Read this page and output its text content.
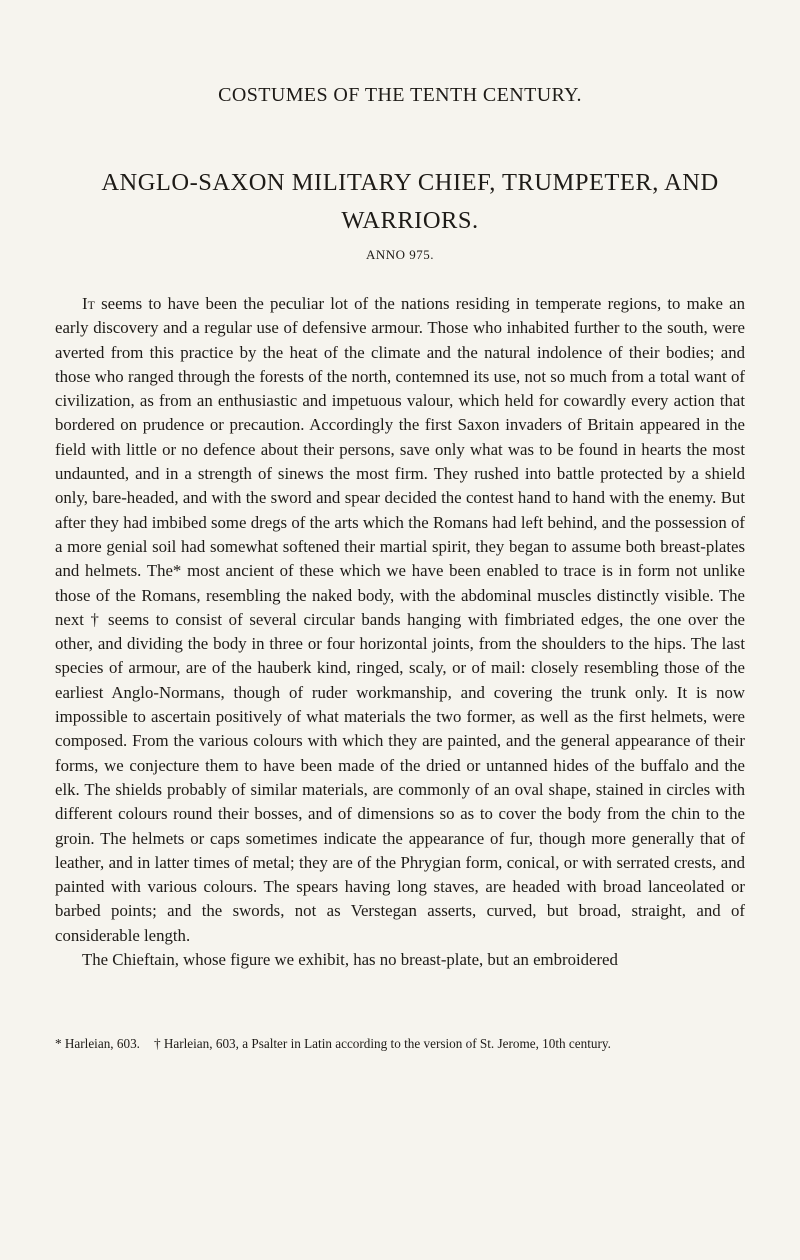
COSTUMES OF THE TENTH CENTURY.
ANGLO-SAXON MILITARY CHIEF, TRUMPETER, AND WARRIORS.
ANNO 975.

It seems to have been the peculiar lot of the nations residing in temperate regions, to make an early discovery and a regular use of defensive armour. Those who inhabited further to the south, were averted from this practice by the heat of the climate and the natural indolence of their bodies; and those who ranged through the forests of the north, contemned its use, not so much from a total want of civilization, as from an enthusiastic and impetuous valour, which held for cowardly every action that bordered on prudence or precaution. Accordingly the first Saxon invaders of Britain appeared in the field with little or no defence about their persons, save only what was to be found in hearts the most undaunted, and in a strength of sinews the most firm. They rushed into battle protected by a shield only, bare-headed, and with the sword and spear decided the contest hand to hand with the enemy. But after they had imbibed some dregs of the arts which the Romans had left behind, and the possession of a more genial soil had somewhat softened their martial spirit, they began to assume both breast-plates and helmets. The* most ancient of these which we have been enabled to trace is in form not unlike those of the Romans, resembling the naked body, with the abdominal muscles distinctly visible. The next † seems to consist of several circular bands hanging with fimbriated edges, the one over the other, and dividing the body in three or four horizontal joints, from the shoulders to the hips. The last species of armour, are of the hauberk kind, ringed, scaly, or of mail: closely resembling those of the earliest Anglo-Normans, though of ruder workmanship, and covering the trunk only. It is now impossible to ascertain positively of what materials the two former, as well as the first helmets, were composed. From the various colours with which they are painted, and the general appearance of their forms, we conjecture them to have been made of the dried or untanned hides of the buffalo and the elk. The shields probably of similar materials, are commonly of an oval shape, stained in circles with different colours round their bosses, and of dimensions so as to cover the body from the chin to the groin. The helmets or caps sometimes indicate the appearance of fur, though more generally that of leather, and in latter times of metal; they are of the Phrygian form, conical, or with serrated crests, and painted with various colours. The spears having long staves, are headed with broad lanceolated or barbed points; and the swords, not as Verstegan asserts, curved, but broad, straight, and of considerable length.

The Chieftain, whose figure we exhibit, has no breast-plate, but an embroidered

* Harleian, 603. † Harleian, 603, a Psalter in Latin according to the version of St. Jerome, 10th century.
